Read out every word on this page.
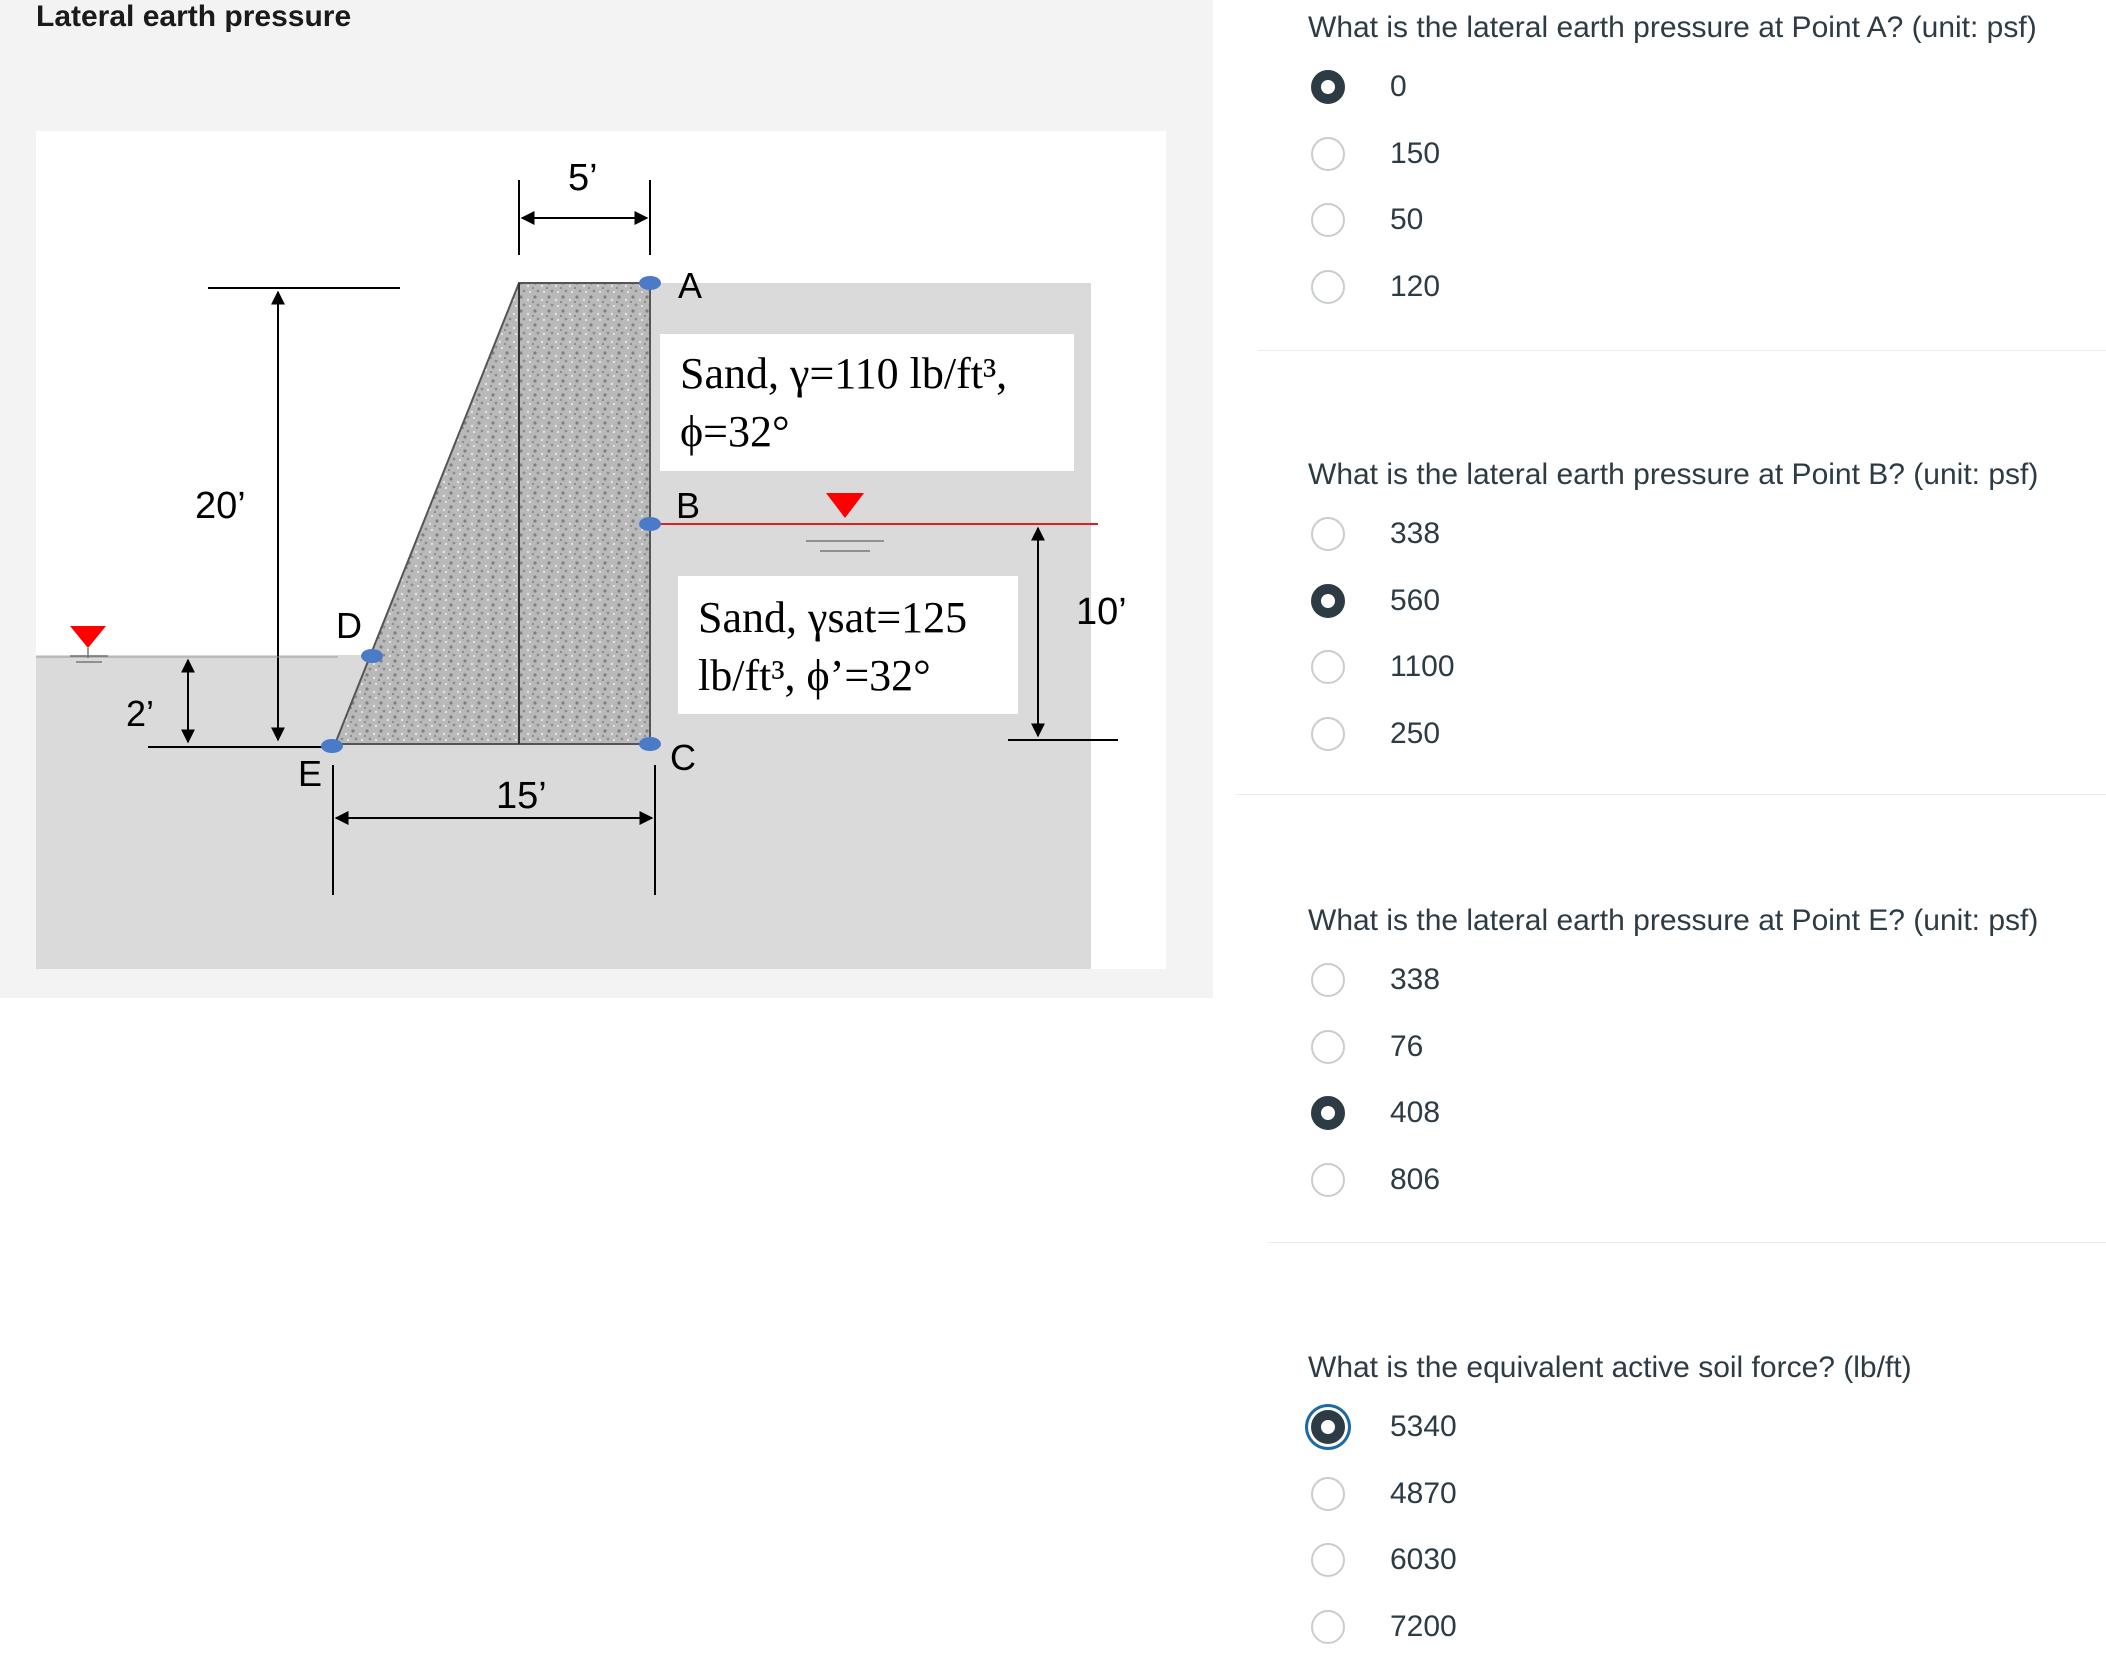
Lateral earth pressure
Sand, γ=110 lb/ft³,
ϕ=32°
Sand, γsat=125
lb/ft³, ϕ’=32°
5’
20’
2’
10’
15’
A
B
C
D
E
What is the lateral earth pressure at Point A? (unit: psf)
0
150
50
120
What is the lateral earth pressure at Point B? (unit: psf)
338
560
1100
250
What is the lateral earth pressure at Point E? (unit: psf)
338
76
408
806
What is the equivalent active soil force? (lb/ft)
5340
4870
6030
7200
